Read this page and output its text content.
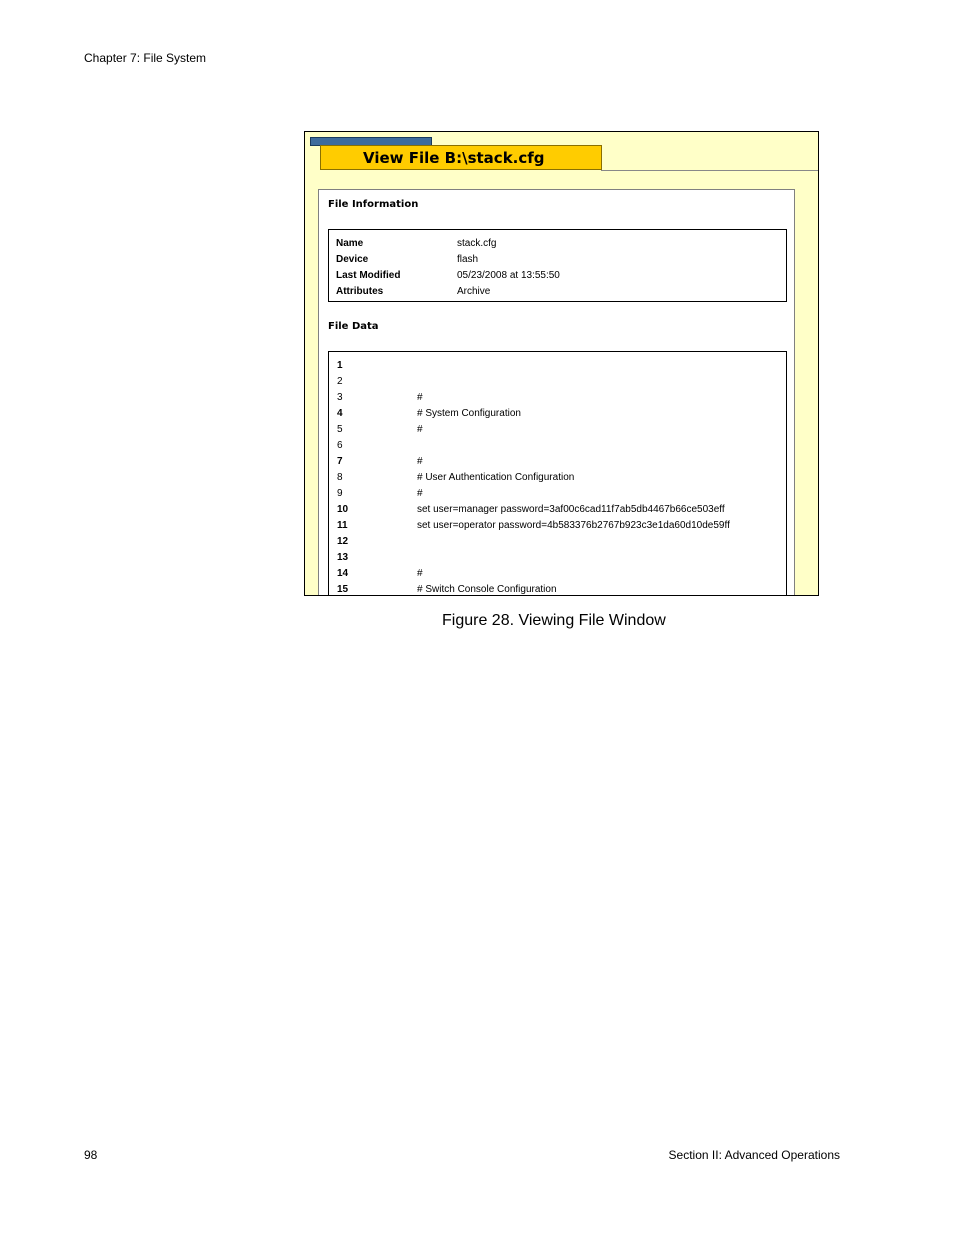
Chapter 7: File System
View File B:\stack.cfg
File Information
Name	stack.cfg
Device	flash
Last Modified	05/23/2008 at 13:55:50
Attributes	Archive
File Data
1
2
3	#
4	# System Configuration
5	#
6
7	#
8	# User Authentication Configuration
9	#
10	set user=manager password=3af00c6cad11f7ab5db4467b66ce503eff
11	set user=operator password=4b583376b2767b923c3e1da60d10de59ff
12
13
14	#
15	# Switch Console Configuration
Figure 28. Viewing File Window
98	Section II: Advanced Operations
